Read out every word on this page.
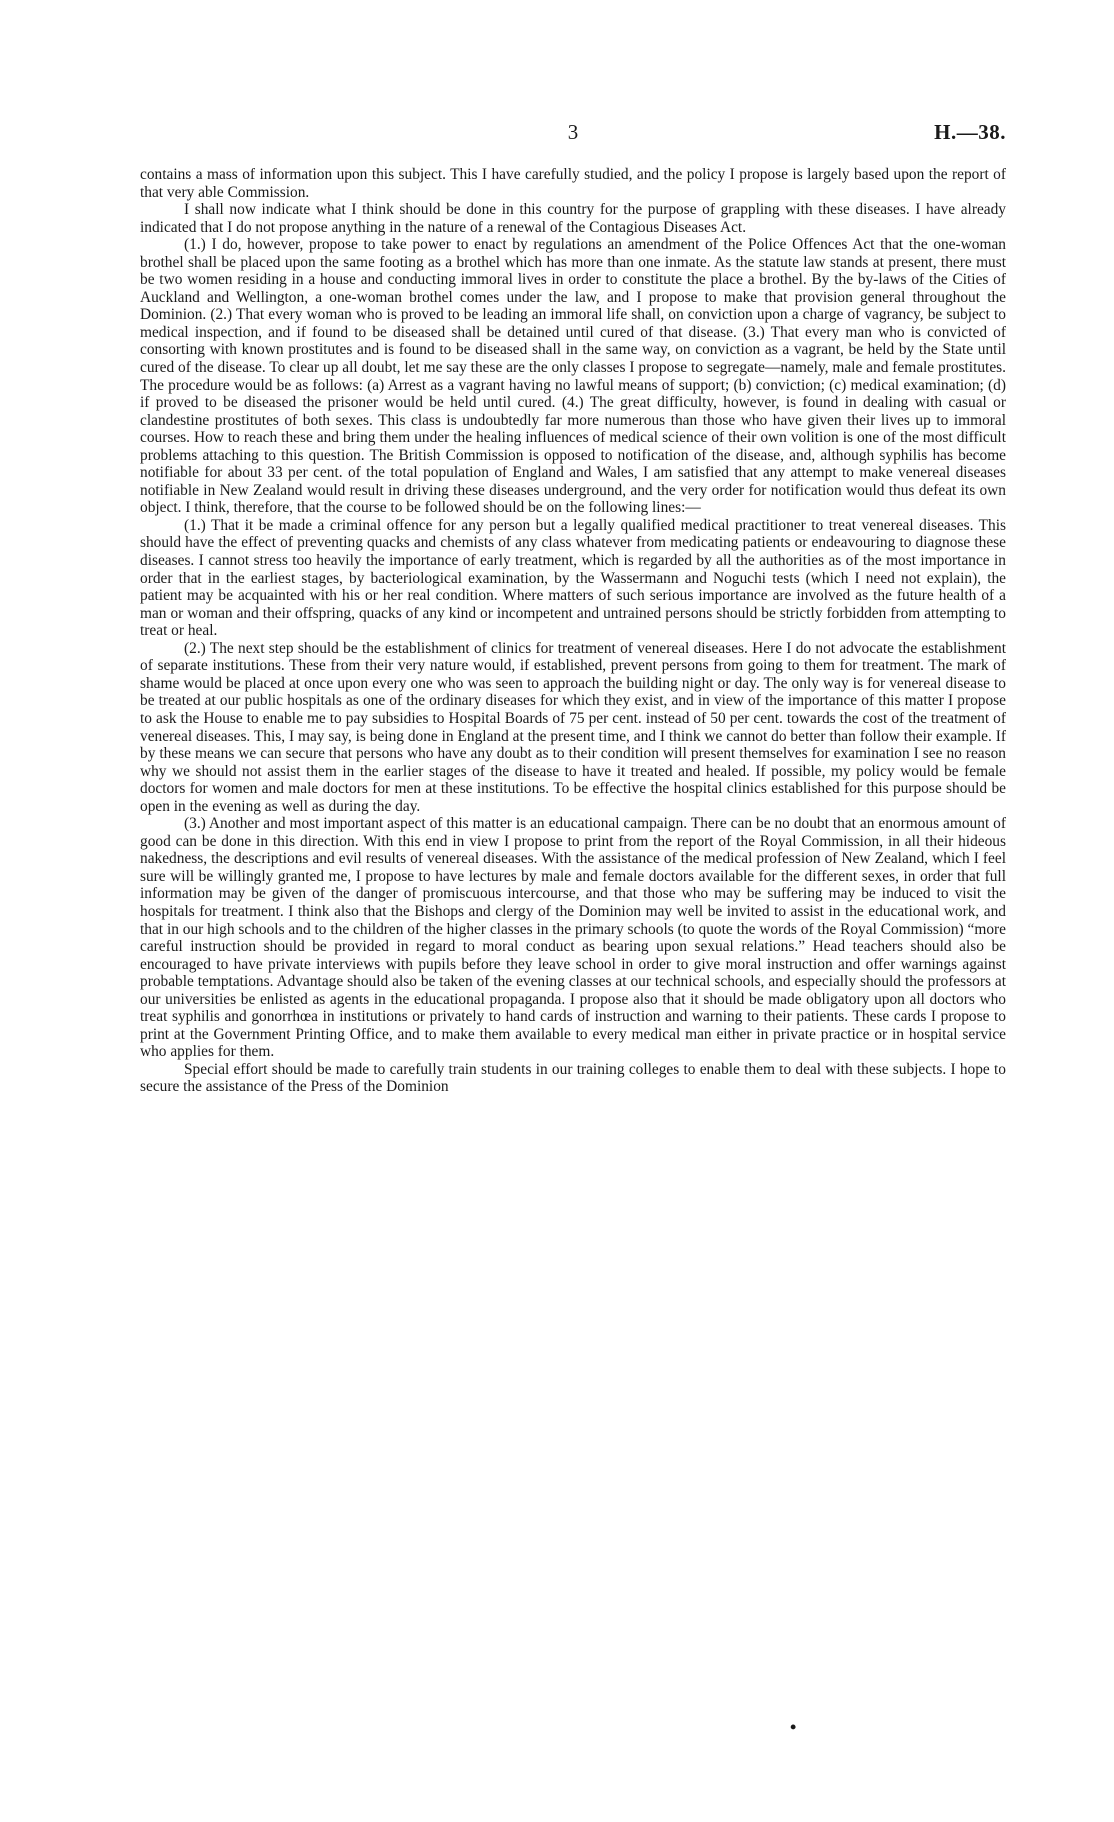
3	H.—38.

contains a mass of information upon this subject. This I have carefully studied, and the policy I propose is largely based upon the report of that very able Commission.

I shall now indicate what I think should be done in this country for the purpose of grappling with these diseases. I have already indicated that I do not propose anything in the nature of a renewal of the Contagious Diseases Act.

(1.) I do, however, propose to take power to enact by regulations an amendment of the Police Offences Act that the one-woman brothel shall be placed upon the same footing as a brothel which has more than one inmate. As the statute law stands at present, there must be two women residing in a house and conducting immoral lives in order to constitute the place a brothel. By the by-laws of the Cities of Auckland and Wellington, a one-woman brothel comes under the law, and I propose to make that provision general throughout the Dominion. (2.) That every woman who is proved to be leading an immoral life shall, on conviction upon a charge of vagrancy, be subject to medical inspection, and if found to be diseased shall be detained until cured of that disease. (3.) That every man who is convicted of consorting with known prostitutes and is found to be diseased shall in the same way, on conviction as a vagrant, be held by the State until cured of the disease. To clear up all doubt, let me say these are the only classes I propose to segregate—namely, male and female prostitutes. The procedure would be as follows: (a) Arrest as a vagrant having no lawful means of support; (b) conviction; (c) medical examination; (d) if proved to be diseased the prisoner would be held until cured. (4.) The great difficulty, however, is found in dealing with casual or clandestine prostitutes of both sexes. This class is undoubtedly far more numerous than those who have given their lives up to immoral courses. How to reach these and bring them under the healing influences of medical science of their own volition is one of the most difficult problems attaching to this question. The British Commission is opposed to notification of the disease, and, although syphilis has become notifiable for about 33 per cent. of the total population of England and Wales, I am satisfied that any attempt to make venereal diseases notifiable in New Zealand would result in driving these diseases underground, and the very order for notification would thus defeat its own object. I think, therefore, that the course to be followed should be on the following lines:—

(1.) That it be made a criminal offence for any person but a legally qualified medical practitioner to treat venereal diseases. This should have the effect of preventing quacks and chemists of any class whatever from medicating patients or endeavouring to diagnose these diseases. I cannot stress too heavily the importance of early treatment, which is regarded by all the authorities as of the most importance in order that in the earliest stages, by bacteriological examination, by the Wassermann and Noguchi tests (which I need not explain), the patient may be acquainted with his or her real condition. Where matters of such serious importance are involved as the future health of a man or woman and their offspring, quacks of any kind or incompetent and untrained persons should be strictly forbidden from attempting to treat or heal.

(2.) The next step should be the establishment of clinics for treatment of venereal diseases. Here I do not advocate the establishment of separate institutions. These from their very nature would, if established, prevent persons from going to them for treatment. The mark of shame would be placed at once upon every one who was seen to approach the building night or day. The only way is for venereal disease to be treated at our public hospitals as one of the ordinary diseases for which they exist, and in view of the importance of this matter I propose to ask the House to enable me to pay subsidies to Hospital Boards of 75 per cent. instead of 50 per cent. towards the cost of the treatment of venereal diseases. This, I may say, is being done in England at the present time, and I think we cannot do better than follow their example. If by these means we can secure that persons who have any doubt as to their condition will present themselves for examination I see no reason why we should not assist them in the earlier stages of the disease to have it treated and healed. If possible, my policy would be female doctors for women and male doctors for men at these institutions. To be effective the hospital clinics established for this purpose should be open in the evening as well as during the day.

(3.) Another and most important aspect of this matter is an educational campaign. There can be no doubt that an enormous amount of good can be done in this direction. With this end in view I propose to print from the report of the Royal Commission, in all their hideous nakedness, the descriptions and evil results of venereal diseases. With the assistance of the medical profession of New Zealand, which I feel sure will be willingly granted me, I propose to have lectures by male and female doctors available for the different sexes, in order that full information may be given of the danger of promiscuous intercourse, and that those who may be suffering may be induced to visit the hospitals for treatment. I think also that the Bishops and clergy of the Dominion may well be invited to assist in the educational work, and that in our high schools and to the children of the higher classes in the primary schools (to quote the words of the Royal Commission) “more careful instruction should be provided in regard to moral conduct as bearing upon sexual relations.” Head teachers should also be encouraged to have private interviews with pupils before they leave school in order to give moral instruction and offer warnings against probable temptations. Advantage should also be taken of the evening classes at our technical schools, and especially should the professors at our universities be enlisted as agents in the educational propaganda. I propose also that it should be made obligatory upon all doctors who treat syphilis and gonorrhœa in institutions or privately to hand cards of instruction and warning to their patients. These cards I propose to print at the Government Printing Office, and to make them available to every medical man either in private practice or in hospital service who applies for them.

Special effort should be made to carefully train students in our training colleges to enable them to deal with these subjects. I hope to secure the assistance of the Press of the Dominion

•
